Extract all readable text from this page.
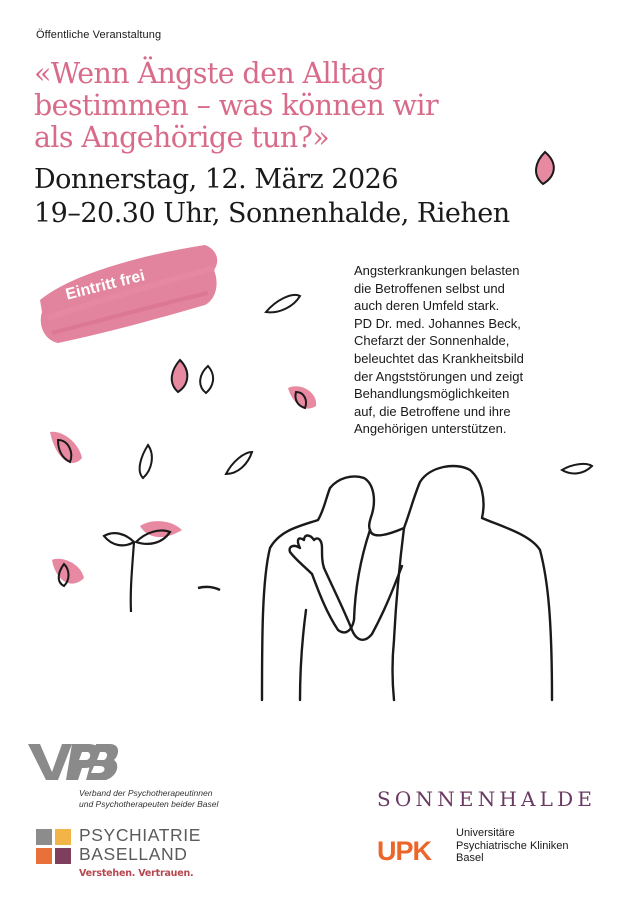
Öffentliche Veranstaltung
«Wenn Ängste den Alltag
bestimmen – was können wir
als Angehörige tun?»
Donnerstag, 12. März 2026
19–20.30 Uhr, Sonnenhalde, Riehen
Eintritt frei	Angsterkrankungen belasten
die Betroffenen selbst und
auch deren Umfeld stark.
PD Dr. med. Johannes Beck,
Chefarzt der Sonnenhalde,
beleuchtet das Krankheitsbild
der Angststörungen und zeigt
Behandlungsmöglichkeiten
auf, die Betroffene und ihre
Angehörigen unterstützen.
Verband der Psychotherapeutinnen
und Psychotherapeuten beider Basel	SONNENHALDE
PSYCHIATRIE
BASELLAND
Verstehen. Vertrauen.
UPK
Universitäre
Psychiatrische Kliniken
Basel
